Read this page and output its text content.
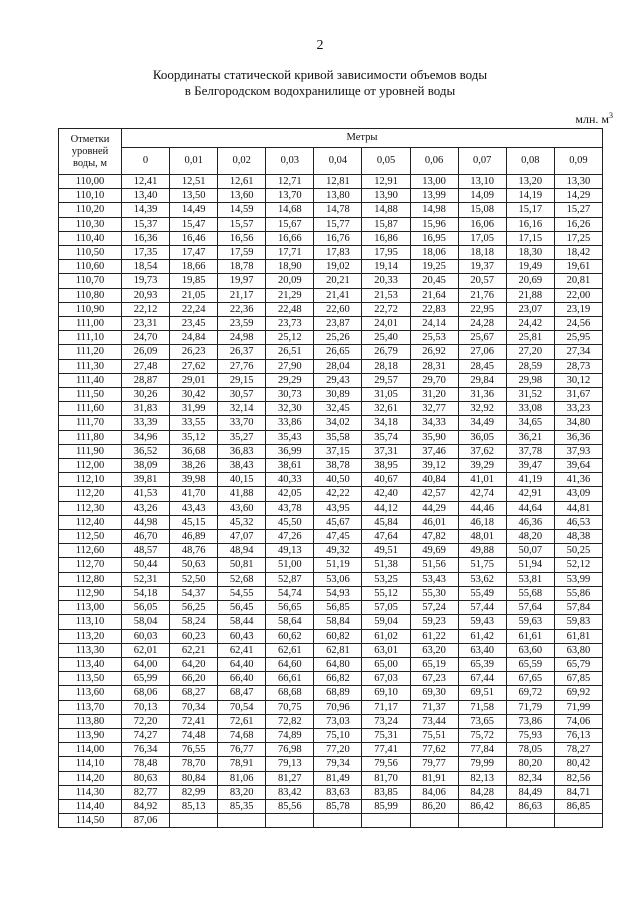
2
Координаты статической кривой зависимости объемов воды
в Белгородском водохранилище от уровней воды
млн. $м^3$
Отметки
уровней
воды, м	Метры									
	0	0,01	0,02	0,03	0,04	0,05	0,06	0,07	0,08	0,09
110,00	12,41	12,51	12,61	12,71	12,81	12,91	13,00	13,10	13,20	13,30
110,10	13,40	13,50	13,60	13,70	13,80	13,90	13,99	14,09	14,19	14,29
110,20	14,39	14,49	14,59	14,68	14,78	14,88	14,98	15,08	15,17	15,27
110,30	15,37	15,47	15,57	15,67	15,77	15,87	15,96	16,06	16,16	16,26
110,40	16,36	16,46	16,56	16,66	16,76	16,86	16,95	17,05	17,15	17,25
110,50	17,35	17,47	17,59	17,71	17,83	17,95	18,06	18,18	18,30	18,42
110,60	18,54	18,66	18,78	18,90	19,02	19,14	19,25	19,37	19,49	19,61
110,70	19,73	19,85	19,97	20,09	20,21	20,33	20,45	20,57	20,69	20,81
110,80	20,93	21,05	21,17	21,29	21,41	21,53	21,64	21,76	21,88	22,00
110,90	22,12	22,24	22,36	22,48	22,60	22,72	22,83	22,95	23,07	23,19
111,00	23,31	23,45	23,59	23,73	23,87	24,01	24,14	24,28	24,42	24,56
111,10	24,70	24,84	24,98	25,12	25,26	25,40	25,53	25,67	25,81	25,95
111,20	26,09	26,23	26,37	26,51	26,65	26,79	26,92	27,06	27,20	27,34
111,30	27,48	27,62	27,76	27,90	28,04	28,18	28,31	28,45	28,59	28,73
111,40	28,87	29,01	29,15	29,29	29,43	29,57	29,70	29,84	29,98	30,12
111,50	30,26	30,42	30,57	30,73	30,89	31,05	31,20	31,36	31,52	31,67
111,60	31,83	31,99	32,14	32,30	32,45	32,61	32,77	32,92	33,08	33,23
111,70	33,39	33,55	33,70	33,86	34,02	34,18	34,33	34,49	34,65	34,80
111,80	34,96	35,12	35,27	35,43	35,58	35,74	35,90	36,05	36,21	36,36
111,90	36,52	36,68	36,83	36,99	37,15	37,31	37,46	37,62	37,78	37,93
112,00	38,09	38,26	38,43	38,61	38,78	38,95	39,12	39,29	39,47	39,64
112,10	39,81	39,98	40,15	40,33	40,50	40,67	40,84	41,01	41,19	41,36
112,20	41,53	41,70	41,88	42,05	42,22	42,40	42,57	42,74	42,91	43,09
112,30	43,26	43,43	43,60	43,78	43,95	44,12	44,29	44,46	44,64	44,81
112,40	44,98	45,15	45,32	45,50	45,67	45,84	46,01	46,18	46,36	46,53
112,50	46,70	46,89	47,07	47,26	47,45	47,64	47,82	48,01	48,20	48,38
112,60	48,57	48,76	48,94	49,13	49,32	49,51	49,69	49,88	50,07	50,25
112,70	50,44	50,63	50,81	51,00	51,19	51,38	51,56	51,75	51,94	52,12
112,80	52,31	52,50	52,68	52,87	53,06	53,25	53,43	53,62	53,81	53,99
112,90	54,18	54,37	54,55	54,74	54,93	55,12	55,30	55,49	55,68	55,86
113,00	56,05	56,25	56,45	56,65	56,85	57,05	57,24	57,44	57,64	57,84
113,10	58,04	58,24	58,44	58,64	58,84	59,04	59,23	59,43	59,63	59,83
113,20	60,03	60,23	60,43	60,62	60,82	61,02	61,22	61,42	61,61	61,81
113,30	62,01	62,21	62,41	62,61	62,81	63,01	63,20	63,40	63,60	63,80
113,40	64,00	64,20	64,40	64,60	64,80	65,00	65,19	65,39	65,59	65,79
113,50	65,99	66,20	66,40	66,61	66,82	67,03	67,23	67,44	67,65	67,85
113,60	68,06	68,27	68,47	68,68	68,89	69,10	69,30	69,51	69,72	69,92
113,70	70,13	70,34	70,54	70,75	70,96	71,17	71,37	71,58	71,79	71,99
113,80	72,20	72,41	72,61	72,82	73,03	73,24	73,44	73,65	73,86	74,06
113,90	74,27	74,48	74,68	74,89	75,10	75,31	75,51	75,72	75,93	76,13
114,00	76,34	76,55	76,77	76,98	77,20	77,41	77,62	77,84	78,05	78,27
114,10	78,48	78,70	78,91	79,13	79,34	79,56	79,77	79,99	80,20	80,42
114,20	80,63	80,84	81,06	81,27	81,49	81,70	81,91	82,13	82,34	82,56
114,30	82,77	82,99	83,20	83,42	83,63	83,85	84,06	84,28	84,49	84,71
114,40	84,92	85,13	85,35	85,56	85,78	85,99	86,20	86,42	86,63	86,85
114,50	87,06									
